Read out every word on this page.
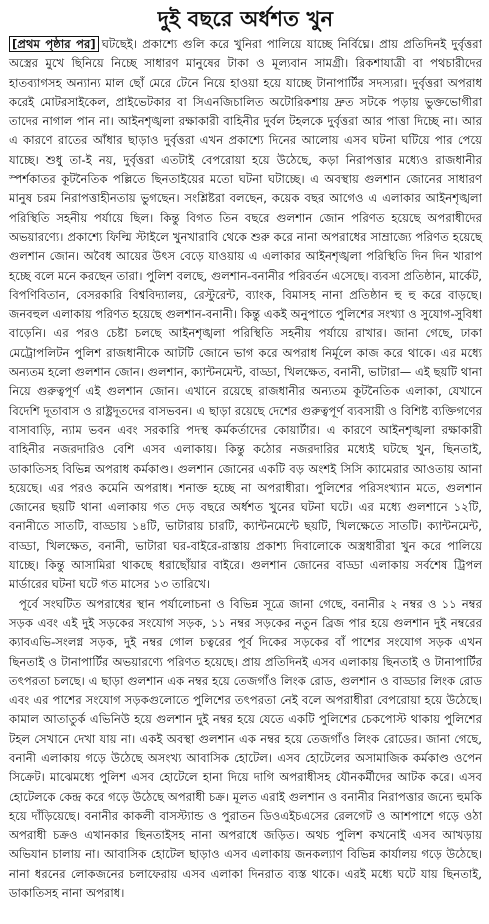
দুই বছরে অর্ধশত খুন

[প্রথম পৃষ্ঠার পর] ঘটছেই। প্রকাশ্যে গুলি করে খুনিরা পালিয়ে যাচ্ছে নির্বিঘ্নে। প্রায় প্রতিদিনই দুর্বৃত্তরা অস্ত্রের মুখে ছিনিয়ে নিচ্ছে সাধারণ মানুষের টাকা ও মূল্যবান সামগ্রী। রিকশাযাত্রী বা পথচারীদের হাতব্যাগসহ অন্যান্য মাল ছোঁ মেরে টেনে নিয়ে হাওয়া হয়ে যাচ্ছে টানাপার্টির সদস্যরা। দুর্বৃত্তরা অপরাধ করেই মোটরসাইকেল, প্রাইভেটকার বা সিএনজিচালিত অটোরিকশায় দ্রুত সটকে পড়ায় ভুক্তভোগীরা তাদের নাগাল পান না। আইনশৃঙ্খলা রক্ষাকারী বাহিনীর দুর্বল টহলকে দুর্বৃত্তরা আর পাত্তা দিচ্ছে না। আর এ কারণে রাতের আঁধার ছাড়াও দুর্বৃত্তরা এখন প্রকাশ্যে দিনের আলোয় এসব ঘটনা ঘটিয়ে পার পেয়ে যাচ্ছে। শুধু তা-ই নয়, দুর্বৃত্তরা এতটাই বেপরোয়া হয়ে উঠেছে, কড়া নিরাপত্তার মধ্যেও রাজধানীর স্পর্শকাতর কূটনৈতিক পল্লিতে ছিনতাইয়ের মতো ঘটনা ঘটাচ্ছে। এ অবস্থায় গুলশান জোনের সাধারণ মানুষ চরম নিরাপত্তাহীনতায় ভুগছেন। সংশ্লিষ্টরা বলছেন, কয়েক বছর আগেও এ এলাকার আইনশৃঙ্খলা পরিস্থিতি সহনীয় পর্যায়ে ছিল। কিন্তু বিগত তিন বছরে গুলশান জোন পরিণত হয়েছে অপরাধীদের অভয়ারণ্যে। প্রকাশ্যে ফিল্মি স্টাইলে খুনখারাবি থেকে শুরু করে নানা অপরাধের সাম্রাজ্যে পরিণত হয়েছে গুলশান জোন। অবৈধ আয়ের উৎস বেড়ে যাওয়ায় এ এলাকার আইনশৃঙ্খলা পরিস্থিতি দিন দিন খারাপ হচ্ছে বলে মনে করছেন তারা। পুলিশ বলছে, গুলশান-বনানীর পরিবর্তন এসেছে। ব্যবসা প্রতিষ্ঠান, মার্কেট, বিপণিবিতান, বেসরকারি বিশ্ববিদ্যালয়, রেস্টুরেন্ট, ব্যাংক, বিমাসহ নানা প্রতিষ্ঠান হু হু করে বাড়ছে। জনবহুল এলাকায় পরিণত হয়েছে গুলশান-বনানী। কিন্তু একই অনুপাতে পুলিশের সংখ্যা ও সুযোগ-সুবিধা বাড়েনি। এর পরও চেষ্টা চলছে আইনশৃঙ্খলা পরিস্থিতি সহনীয় পর্যায়ে রাখার। জানা গেছে, ঢাকা মেট্রোপলিটন পুলিশ রাজধানীকে আটটি জোনে ভাগ করে অপরাধ নির্মূলে কাজ করে থাকে। এর মধ্যে অন্যতম হলো গুলশান জোন। গুলশান, ক্যান্টনমেন্ট, বাড্ডা, খিলক্ষেত, বনানী, ভাটারা— এই ছয়টি থানা নিয়ে গুরুত্বপূর্ণ এই গুলশান জোন। এখানে রয়েছে রাজধানীর অন্যতম কূটনৈতিক এলাকা, যেখানে বিদেশি দূতাবাস ও রাষ্ট্রদূতদের বাসভবন। এ ছাড়া রয়েছে দেশের গুরুত্বপূর্ণ ব্যবসায়ী ও বিশিষ্ট ব্যক্তিগণের বাসাবাড়ি, ন্যাম ভবন এবং সরকারি পদস্থ কর্মকর্তাদের কোয়ার্টার। এ কারণে আইনশৃঙ্খলা রক্ষাকারী বাহিনীর নজরদারিও বেশি এসব এলাকায়। কিন্তু কঠোর নজরদারির মধ্যেই ঘটছে খুন, ছিনতাই, ডাকাতিসহ বিভিন্ন অপরাধ কর্মকাণ্ড। গুলশান জোনের একটি বড় অংশই সিসি ক্যামেরার আওতায় আনা হয়েছে। এর পরও কমেনি অপরাধ। শনাক্ত হচ্ছে না অপরাধীরা। পুলিশের পরিসংখ্যান মতে, গুলশান জোনের ছয়টি থানা এলাকায় গত দেড় বছরে অর্ধশত খুনের ঘটনা ঘটে। এর মধ্যে গুলশানে ১২টি, বনানীতে সাতটি, বাড্ডায় ১৪টি, ভাটারায় চারটি, ক্যান্টনমেন্টে ছয়টি, খিলক্ষেতে সাতটি। ক্যান্টনমেন্ট, বাড্ডা, খিলক্ষেত, বনানী, ভাটারা ঘর-বাইরে-রাস্তায় প্রকাশ্য দিবালোকে অস্ত্রধারীরা খুন করে পালিয়ে যাচ্ছে। কিন্তু আসামিরা থাকছে ধরাছোঁয়ার বাইরে। গুলশান জোনের বাড্ডা এলাকায় সর্বশেষ ট্রিপল মার্ডারের ঘটনা ঘটে গত মাসের ১৩ তারিখে।

পূর্বে সংঘটিত অপরাধের স্থান পর্যালোচনা ও বিভিন্ন সূত্রে জানা গেছে, বনানীর ২ নম্বর ও ১১ নম্বর সড়ক এবং এই দুই সড়কের সংযোগ সড়ক, ১১ নম্বর সড়কের নতুন ব্রিজ পার হয়ে গুলশান দুই নম্বরের ক্যাবএভি-সংলগ্ন সড়ক, দুই নম্বর গোল চত্বরের পূর্ব দিকের সড়কের বাঁ পাশের সংযোগ সড়ক এখন ছিনতাই ও টানাপার্টির অভয়ারণ্যে পরিণত হয়েছে। প্রায় প্রতিদিনই এসব এলাকায় ছিনতাই ও টানাপার্টির তৎপরতা চলছে। এ ছাড়া গুলশান এক নম্বর হয়ে তেজগাঁও লিংক রোড, গুলশান ও বাড্ডার লিংক রোড এবং এর পাশের সংযোগ সড়কগুলোতে পুলিশের তৎপরতা নেই বলে অপরাধীরা বেপরোয়া হয়ে উঠেছে। কামাল আতাতুর্ক এভিনিউ হয়ে গুলশান দুই নম্বর হয়ে যেতে একটি পুলিশের চেকপোস্ট থাকায় পুলিশের টহল সেখানে দেখা যায় না। একই অবস্থা গুলশান এক নম্বর হয়ে তেজগাঁও লিংক রোডের। জানা গেছে, বনানী এলাকায় গড়ে উঠেছে অসংখ্য আবাসিক হোটেল। এসব হোটেলের অসামাজিক কর্মকাণ্ড ওপেন সিক্রেট। মাঝেমধ্যে পুলিশ এসব হোটেলে হানা দিয়ে দাগি অপরাধীসহ যৌনকর্মীদের আটক করে। এসব হোটেলকে কেন্দ্র করে গড়ে উঠেছে অপরাধী চক্র। মূলত এরাই গুলশান ও বনানীর নিরাপত্তার জন্যে হুমকি হয়ে দাঁড়িয়েছে। বনানীর কাকলী বাসস্ট্যান্ড ও পুরাতন ডিওএইচএসের রেলগেট ও আশপাশে গড়ে ওঠা অপরাধী চক্রও এখানকার ছিনতাইসহ নানা অপরাধে জড়িত। অথচ পুলিশ কখনোই এসব আখড়ায় অভিযান চালায় না। আবাসিক হোটেল ছাড়াও এসব এলাকায় জনকল্যাণ বিভিন্ন কার্যালয় গড়ে উঠেছে। নানা ধরনের লোকজনের চলাফেরায় এসব এলাকা দিনরাত ব্যস্ত থাকে। এরই মধ্যে ঘটে যায় ছিনতাই, ডাকাতিসহ নানা অপরাধ।
